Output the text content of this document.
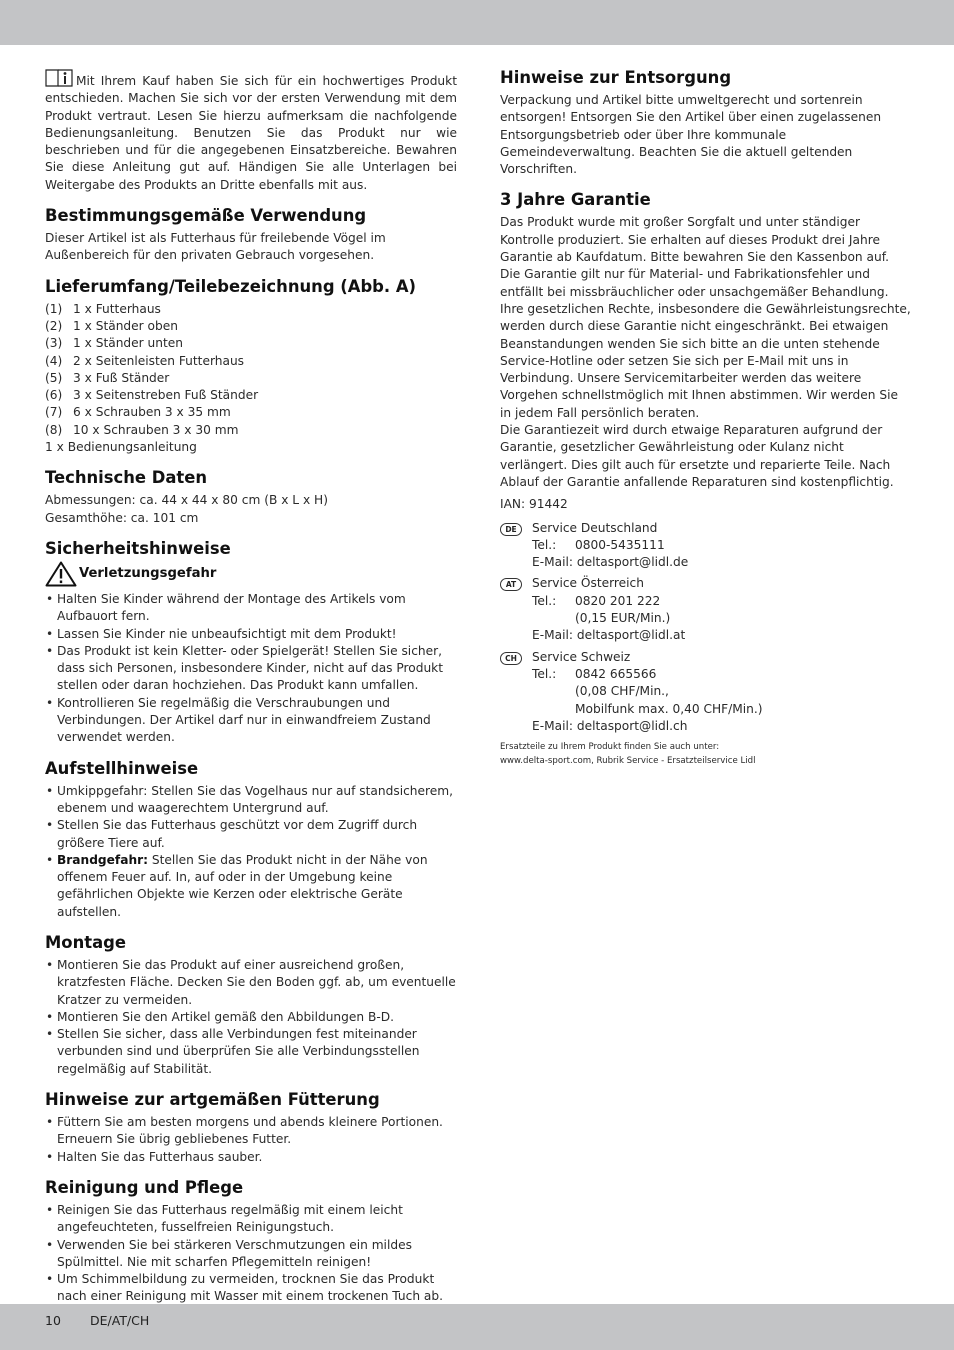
Mit Ihrem Kauf haben Sie sich für ein hochwertiges Produkt entschieden. Machen Sie sich vor der ersten Verwendung mit dem Produkt vertraut. Lesen Sie hierzu aufmerksam die nachfolgende Bedienungsanleitung. Benutzen Sie das Produkt nur wie beschrieben und für die angegebenen Einsatzbereiche. Bewahren Sie diese Anleitung gut auf. Händigen Sie alle Unterlagen bei Weitergabe des Produkts an Dritte ebenfalls mit aus.

Bestimmungsgemäße Verwendung

Dieser Artikel ist als Futterhaus für freilebende Vögel im Außenbereich für den privaten Gebrauch vorgesehen.

Lieferumfang/Teilebezeichnung (Abb. A)
(1) 1 x Futterhaus
(2) 1 x Ständer oben
(3) 1 x Ständer unten
(4) 2 x Seitenleisten Futterhaus
(5) 3 x Fuß Ständer
(6) 3 x Seitenstreben Fuß Ständer
(7) 6 x Schrauben 3 x 35 mm
(8) 10 x Schrauben 3 x 30 mm
1 x Bedienungsanleitung
Technische Daten
Abmessungen: ca. 44 x 44 x 80 cm (B x L x H)
Gesamthöhe: ca. 101 cm
Sicherheitshinweise
Verletzungsgefahr
• Halten Sie Kinder während der Montage des Artikels vom Aufbauort fern.
• Lassen Sie Kinder nie unbeaufsichtigt mit dem Produkt!
• Das Produkt ist kein Kletter- oder Spielgerät! Stellen Sie sicher, dass sich Personen, insbesondere Kinder, nicht auf das Produkt stellen oder daran hochziehen. Das Produkt kann umfallen.
• Kontrollieren Sie regelmäßig die Verschraubungen und Verbindungen. Der Artikel darf nur in einwandfreiem Zustand verwendet werden.
Aufstellhinweise
• Umkippgefahr: Stellen Sie das Vogelhaus nur auf standsicherem, ebenem und waagerechtem Untergrund auf.
• Stellen Sie das Futterhaus geschützt vor dem Zugriff durch größere Tiere auf.
• Brandgefahr: Stellen Sie das Produkt nicht in der Nähe von offenem Feuer auf. In, auf oder in der Umgebung keine gefährlichen Objekte wie Kerzen oder elektrische Geräte aufstellen.
Montage
• Montieren Sie das Produkt auf einer ausreichend großen, kratzfesten Fläche. Decken Sie den Boden ggf. ab, um eventuelle Kratzer zu vermeiden.
• Montieren Sie den Artikel gemäß den Abbildungen B-D.
• Stellen Sie sicher, dass alle Verbindungen fest miteinander verbunden sind und überprüfen Sie alle Verbindungsstellen regelmäßig auf Stabilität.
Hinweise zur artgemäßen Fütterung
• Füttern Sie am besten morgens und abends kleinere Portionen. Erneuern Sie übrig gebliebenes Futter.
• Halten Sie das Futterhaus sauber.
Reinigung und Pflege
• Reinigen Sie das Futterhaus regelmäßig mit einem leicht angefeuchteten, fusselfreien Reinigungstuch.
• Verwenden Sie bei stärkeren Verschmutzungen ein mildes Spülmittel. Nie mit scharfen Pflegemitteln reinigen!
• Um Schimmelbildung zu vermeiden, trocknen Sie das Produkt nach einer Reinigung mit Wasser mit einem trockenen Tuch ab.
Hinweise zur Entsorgung

Verpackung und Artikel bitte umweltgerecht und sortenrein entsorgen! Entsorgen Sie den Artikel über einen zugelassenen Entsorgungsbetrieb oder über Ihre kommunale Gemeindeverwaltung. Beachten Sie die aktuell geltenden Vorschriften.

3 Jahre Garantie

Das Produkt wurde mit großer Sorgfalt und unter ständiger Kontrolle produziert. Sie erhalten auf dieses Produkt drei Jahre Garantie ab Kaufdatum. Bitte bewahren Sie den Kassenbon auf.

Die Garantie gilt nur für Material- und Fabrikationsfehler und entfällt bei missbräuchlicher oder unsachgemäßer Behandlung. Ihre gesetzlichen Rechte, insbesondere die Gewährleistungsrechte, werden durch diese Garantie nicht eingeschränkt. Bei etwaigen Beanstandungen wenden Sie sich bitte an die unten stehende Service-Hotline oder setzen Sie sich per E-Mail mit uns in Verbindung. Unsere Servicemitarbeiter werden das weitere Vorgehen schnellstmöglich mit Ihnen abstimmen. Wir werden Sie in jedem Fall persönlich beraten.

Die Garantiezeit wird durch etwaige Reparaturen aufgrund der Garantie, gesetzlicher Gewährleistung oder Kulanz nicht verlängert. Dies gilt auch für ersetzte und reparierte Teile. Nach Ablauf der Garantie anfallende Reparaturen sind kostenpflichtig.

IAN: 91442

DE	Service Deutschland
Tel.:	0800-5435111
E-Mail: deltasport@lidl.de
AT	Service Österreich
Tel.:	0820 201 222
(0,15 EUR/Min.)
E-Mail: deltasport@lidl.at
CH	Service Schweiz
Tel.:	0842 665566
(0,08 CHF/Min.,
Mobilfunk max. 0,40 CHF/Min.)
E-Mail: deltasport@lidl.ch
Ersatzteile zu Ihrem Produkt finden Sie auch unter:
www.delta-sport.com, Rubrik Service - Ersatzteilservice Lidl
10 DE/AT/CH
